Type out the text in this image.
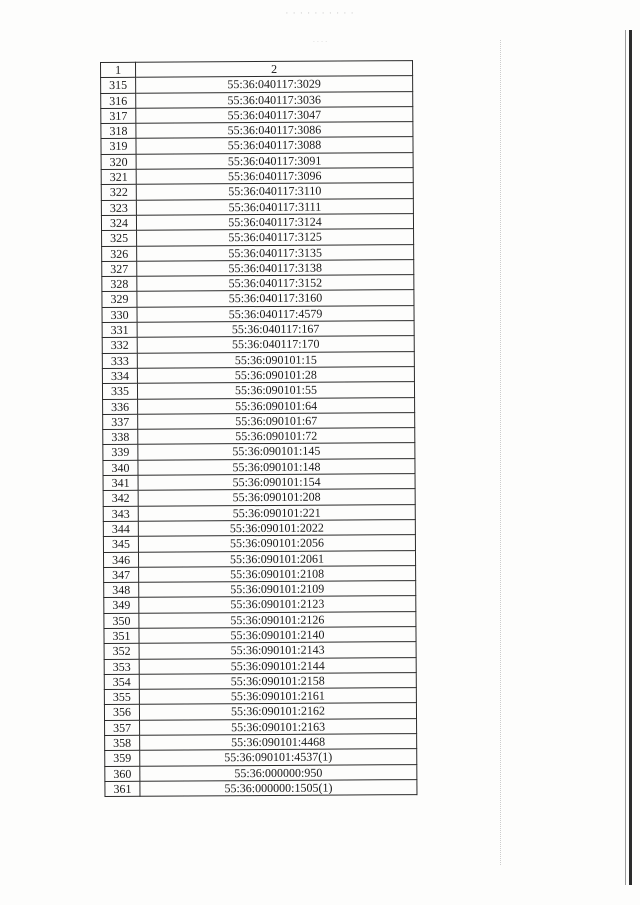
· · · · · · · · · ·
· · · ·
1	2
315	55:36:040117:3029
316	55:36:040117:3036
317	55:36:040117:3047
318	55:36:040117:3086
319	55:36:040117:3088
320	55:36:040117:3091
321	55:36:040117:3096
322	55:36:040117:3110
323	55:36:040117:3111
324	55:36:040117:3124
325	55:36:040117:3125
326	55:36:040117:3135
327	55:36:040117:3138
328	55:36:040117:3152
329	55:36:040117:3160
330	55:36:040117:4579
331	55:36:040117:167
332	55:36:040117:170
333	55:36:090101:15
334	55:36:090101:28
335	55:36:090101:55
336	55:36:090101:64
337	55:36:090101:67
338	55:36:090101:72
339	55:36:090101:145
340	55:36:090101:148
341	55:36:090101:154
342	55:36:090101:208
343	55:36:090101:221
344	55:36:090101:2022
345	55:36:090101:2056
346	55:36:090101:2061
347	55:36:090101:2108
348	55:36:090101:2109
349	55:36:090101:2123
350	55:36:090101:2126
351	55:36:090101:2140
352	55:36:090101:2143
353	55:36:090101:2144
354	55:36:090101:2158
355	55:36:090101:2161
356	55:36:090101:2162
357	55:36:090101:2163
358	55:36:090101:4468
359	55:36:090101:4537(1)
360	55:36:000000:950
361	55:36:000000:1505(1)
